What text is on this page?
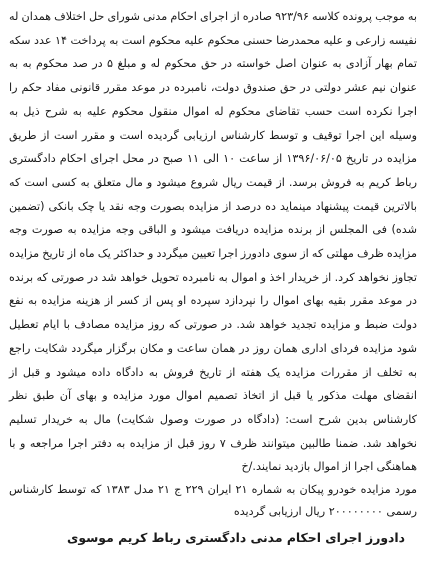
به موجب پرونده کلاسه ۹۲۳/۹۶ صادره از اجرای احکام مدنی شورای حل اختلاف همدان له نفیسه زارعی و علیه محمدرضا حسنی محکوم علیه محکوم است به پرداخت ۱۴ عدد سکه تمام بهار آزادی به عنوان اصل خواسته در حق محکوم له و مبلغ ۵ در صد محکوم به به عنوان نیم عشر دولتی در حق صندوق دولت، نامبرده در موعد مقرر قانونی مفاد حکم را اجرا نکرده است حسب تقاضای محکوم له اموال منقول محکوم علیه به شرح ذیل به وسیله این اجرا توقیف و توسط کارشناس ارزیابی گردیده است و مقرر است از طریق مزایده در تاریخ ۱۳۹۶/۰۶/۰۵ از ساعت ۱۰ الی ۱۱ صبح در محل اجرای احکام دادگستری رباط کریم به فروش برسد. از قیمت ریال شروع میشود و مال متعلق به کسی است که بالاترین قیمت پیشنهاد مینماید ده درصد از مزایده بصورت وجه نقد یا چک بانکی (تضمین شده) فی المجلس از برنده مزایده دریافت میشود و الباقی وجه مزایده به صورت وجه مزایده ظرف مهلتی که از سوی دادورز اجرا تعیین میگردد و حداکثر یک ماه از تاریخ مزایده تجاوز نخواهد کرد. از خریدار اخذ و اموال به نامبرده تحویل خواهد شد در صورتی که برنده در موعد مقرر بقیه بهای اموال را نپردازد سپرده او پس از کسر از هزینه مزایده به نفع دولت ضبط و مزایده تجدید خواهد شد. در صورتی که روز مزایده مصادف با ایام تعطیل شود مزایده فردای اداری همان روز در همان ساعت و مکان برگزار میگردد شکایت راجع به تخلف از مقررات مزایده یک هفته از تاریخ فروش به دادگاه داده میشود و قبل از انقضای مهلت مذکور یا قبل از اتخاذ تصمیم اموال مورد مزایده و بهای آن طبق نظر کارشناس بدین شرح است: (دادگاه در صورت وصول شکایت) مال به خریدار تسلیم نخواهد شد. ضمنا طالبین میتوانند ظرف ۷ روز قبل از مزایده به دفتر اجرا مراجعه و با هماهنگی اجرا از اموال بازدید نمایند./خ

مورد مزایده خودرو پیکان به شماره ۲۱ ایران ۲۲۹ ج ۲۱ مدل ۱۳۸۳ که توسط کارشناس رسمی ۲۰۰۰۰۰۰۰۰ ریال ارزیابی گردیده

دادورز اجرای احکام مدنی دادگستری رباط کریم موسوی
